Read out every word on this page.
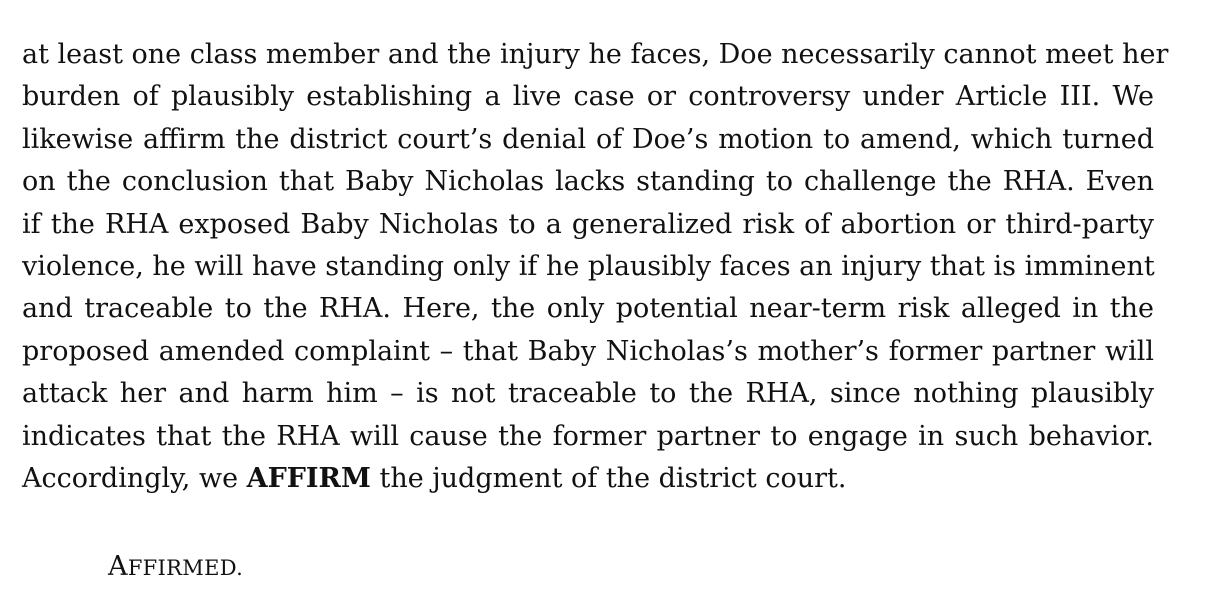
at least one class member and the injury he faces, Doe necessarily cannot meet her
burden of plausibly establishing a live case or controversy under Article III. We
likewise affirm the district court’s denial of Doe’s motion to amend, which turned
on the conclusion that Baby Nicholas lacks standing to challenge the RHA. Even
if the RHA exposed Baby Nicholas to a generalized risk of abortion or third-party
violence, he will have standing only if he plausibly faces an injury that is imminent
and traceable to the RHA. Here, the only potential near-term risk alleged in the
proposed amended complaint – that Baby Nicholas’s mother’s former partner will
attack her and harm him – is not traceable to the RHA, since nothing plausibly
indicates that the RHA will cause the former partner to engage in such behavior.
Accordingly, we AFFIRM the judgment of the district court.

AFFIRMED.
